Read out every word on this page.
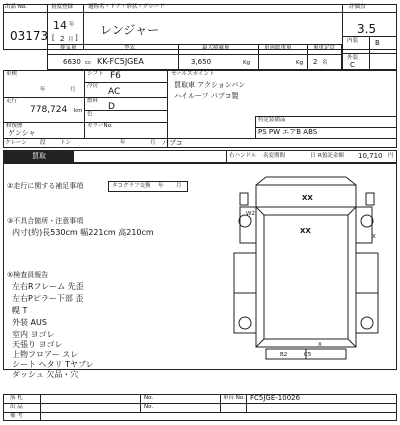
出品 No.
03173
初度登録
14 年
[ 2 月 ]
通称名・ドア・形状・グレード
レンジャー
評価点
3.5
排気量
6630 cc
型式
KK-FC5JGEA
最大積載量
3,650	Kg
車両総重量
Kg
乗車定員
2 名
内装 B
外装
C
車検
年	月
走行
778,724 km
修復歴
ゲンシャ
シフト F6
冷房
AC
燃料
D
色
カラーNo.
クレーン 段	トン	年	月 パブコ
セールスポイント
買取車 アクションバン
ハイルーフ パブコ製
特定装備品
PS PW エアB ABS
買取	右ハンドル 名変期間	日 R預託金額 10,710 円
②走行に関する補足事項	タコグラフ交換 年 月
③不具合箇所・注意事項
内寸(約)長530cm 幅221cm 高210cm
⑤検査員報告
左右Rフレーム 先歪
左右Pピラー下部 歪
幌 T
外装 AUS
室内 ヨゴレ
天張り ヨゴレ
上物フロアー スレ
シート ヘタリ Tヤブレ
ダッシュ 欠品・穴
XX
W2
X
XX
B2	C5
X
落 札	No.
出 品	No.
車台 No. FC5JGE-10026
備 考
